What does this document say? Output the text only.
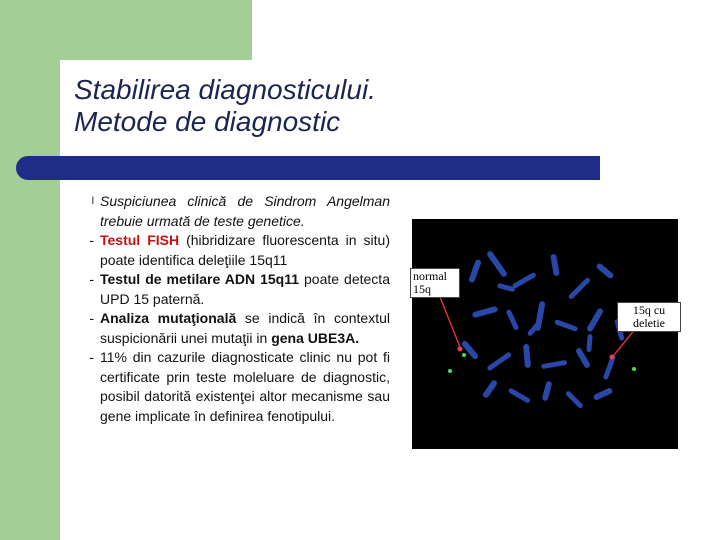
Stabilirea diagnosticului.
Metode de diagnostic
l Suspiciunea clinică de Sindrom Angelman trebuie urmată de teste genetice.
- Testul FISH (hibridizare fluorescenta in situ) poate identifica deleţiile 15q11
- Testul de metilare ADN 15q11 poate detecta UPD 15 paternă.
- Analiza mutaţională se indică în contextul suspicionării unei mutaţii in gena UBE3A.
- 11% din cazurile diagnosticate clinic nu pot fi certificate prin teste moleluare de diagnostic, posibil datorită existenţei altor mecanisme sau gene implicate în definirea fenotipului.
normal 15q
15q cu deletie
